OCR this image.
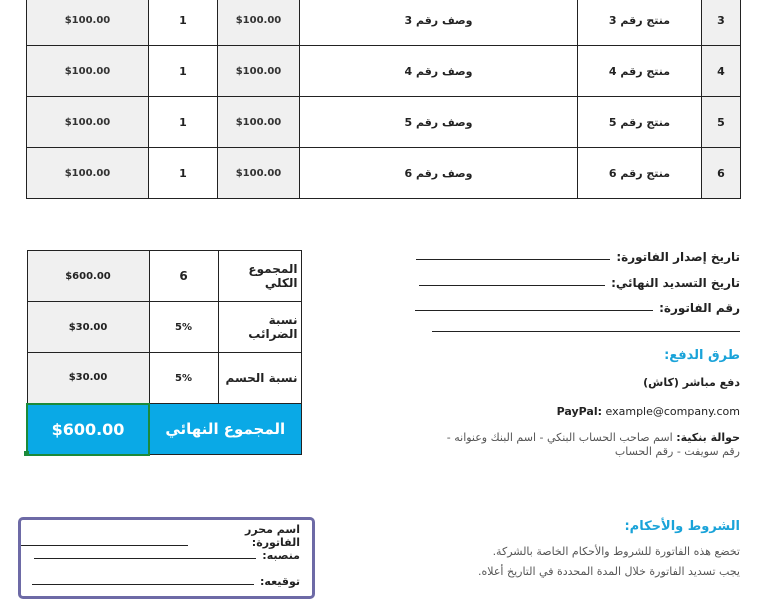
$100.00	1	$100.00	وصف رقم 3	منتج رقم 3	3
$100.00	1	$100.00	وصف رقم 4	منتج رقم 4	4
$100.00	1	$100.00	وصف رقم 5	منتج رقم 5	5
$100.00	1	$100.00	وصف رقم 6	منتج رقم 6	6
$600.00	6	المجموع الكلي
$30.00	5%	نسبة الضرائب
$30.00	5%	نسبة الحسم
$600.00	المجموع النهائي	
تاريخ إصدار الفاتورة:
تاريخ التسديد النهائي:
رقم الفاتورة:
طرق الدفع:
دفع مباشر (كاش)
PayPal: example@company.com
حوالة بنكية: اسم صاحب الحساب البنكي - اسم البنك وعنوانه -
رقم سويفت - رقم الحساب
الشروط والأحكام:
تخضع هذه الفاتورة للشروط والأحكام الخاصة بالشركة.
يجب تسديد الفاتورة خلال المدة المحددة في التاريخ أعلاه.
اسم محرر الفاتورة:
منصبه:
توقيعه:
